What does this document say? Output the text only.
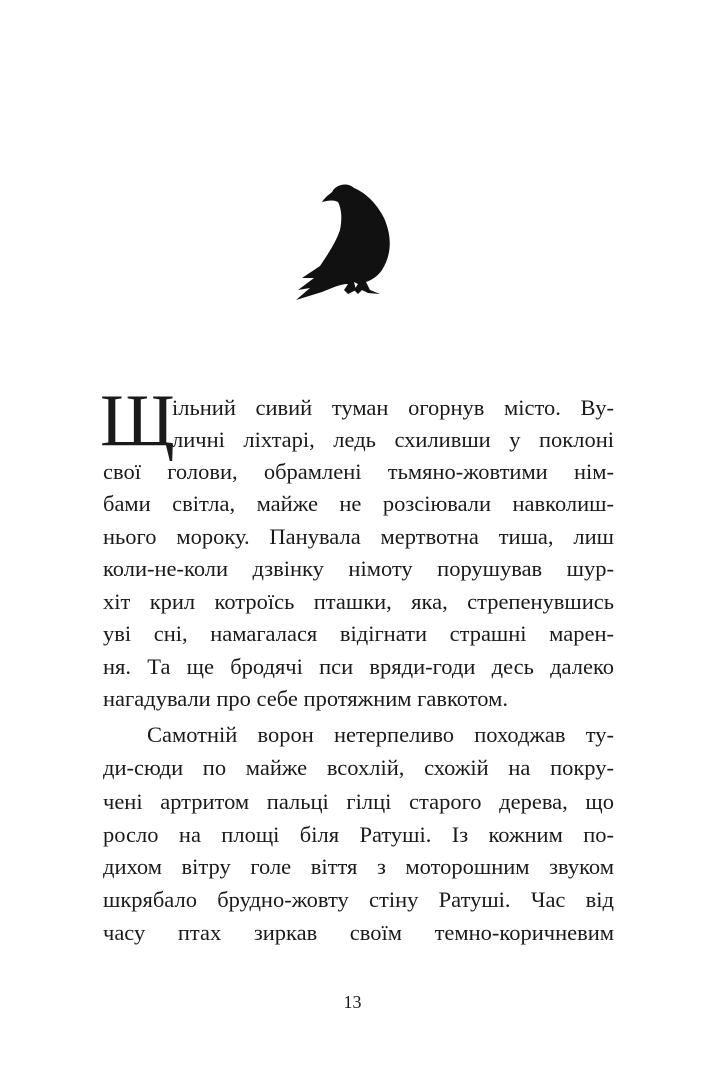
Щ
ільний сивий туман огорнув місто. Ву-
личні ліхтарі, ледь схиливши у поклоні
свої голови, обрамлені тьмяно-жовтими нім-
бами світла, майже не розсіювали навколиш-
нього мороку. Панувала мертвотна тиша, лиш
коли-не-коли дзвінку німоту порушував шур-
хіт крил котроїсь пташки, яка, стрепенувшись
уві сні, намагалася відігнати страшні марен-
ня. Та ще бродячі пси вряди-годи десь далеко
нагадували про себе протяжним гавкотом.
Самотній ворон нетерпеливо походжав ту-
ди-сюди по майже всохлій, схожій на покру-
чені артритом пальці гілці старого дерева, що
росло на площі біля Ратуші. Із кожним по-
дихом вітру голе віття з моторошним звуком
шкрябало брудно-жовту стіну Ратуші. Час від
часу птах зиркав своїм темно-коричневим
13
